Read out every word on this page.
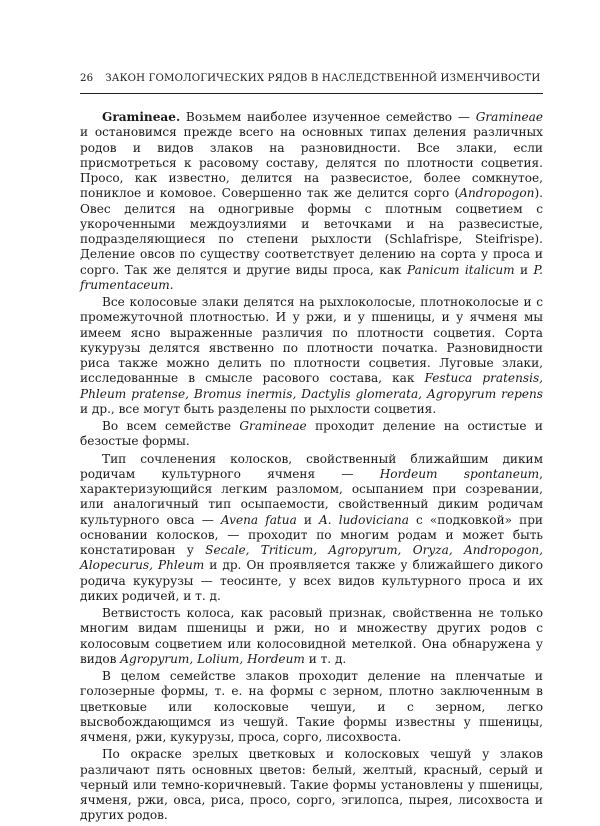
26 ЗАКОН ГОМОЛОГИЧЕСКИХ РЯДОВ В НАСЛЕДСТВЕННОЙ ИЗМЕНЧИВОСТИ

Gramineae. Возьмем наиболее изученное семейство — Gramineae и остановимся прежде всего на основных типах деления различных родов и видов злаков на разновидности. Все злаки, если присмотреться к расовому составу, делятся по плотности соцветия. Просо, как известно, делится на развесистое, более сомкнутое, пониклое и комовое. Совершенно так же делится сорго (Andropogon). Овес делится на одногривые формы с плотным соцветием с укороченными междоузлиями и веточками и на развесистые, подразделяющиеся по степени рыхлости (Schlafrispe, Steifrispe). Деление овсов по существу соответствует делению на сорта у проса и сорго. Так же делятся и другие виды проса, как Panicum italicum и P. frumentaceum.

Все колосовые злаки делятся на рыхлоколосые, плотноколосые и с промежуточной плотностью. И у ржи, и у пшеницы, и у ячменя мы имеем ясно выраженные различия по плотности соцветия. Сорта кукурузы делятся явственно по плотности початка. Разновидности риса также можно делить по плотности соцветия. Луговые злаки, исследованные в смысле расового состава, как Festuca pratensis, Phleum pratense, Bromus inermis, Dactylis glomerata, Agropyrum repens и др., все могут быть разделены по рыхлости соцветия.

Во всем семействе Gramineae проходит деление на остистые и безостые формы.

Тип сочленения колосков, свойственный ближайшим диким родичам культурного ячменя — Hordeum spontaneum, характеризующийся легким разломом, осыпанием при созревании, или аналогичный тип осыпаемости, свойственный диким родичам культурного овса — Avena fatua и A. ludoviciana с «подковкой» при основании колосков, — проходит по многим родам и может быть констатирован у Secale, Triticum, Agropyrum, Oryza, Andropogon, Alopecurus, Phleum и др. Он проявляется также у ближайшего дикого родича кукурузы — теосинте, у всех видов культурного проса и их диких родичей, и т. д.

Ветвистость колоса, как расовый признак, свойственна не только многим видам пшеницы и ржи, но и множеству других родов с колосовым соцветием или колосовидной метелкой. Она обнаружена у видов Agropyrum, Lolium, Hordeum и т. д.

В целом семействе злаков проходит деление на пленчатые и голозерные формы, т. е. на формы с зерном, плотно заключенным в цветковые или колосковые чешуи, и с зерном, легко высвобождающимся из чешуй. Такие формы известны у пшеницы, ячменя, ржи, кукурузы, проса, сорго, лисохвоста.

По окраске зрелых цветковых и колосковых чешуй у злаков различают пять основных цветов: белый, желтый, красный, серый и черный или темно-коричневый. Такие формы установлены у пшеницы, ячменя, ржи, овса, риса, просо, сорго, эгилопса, пырея, лисохвоста и других родов.
